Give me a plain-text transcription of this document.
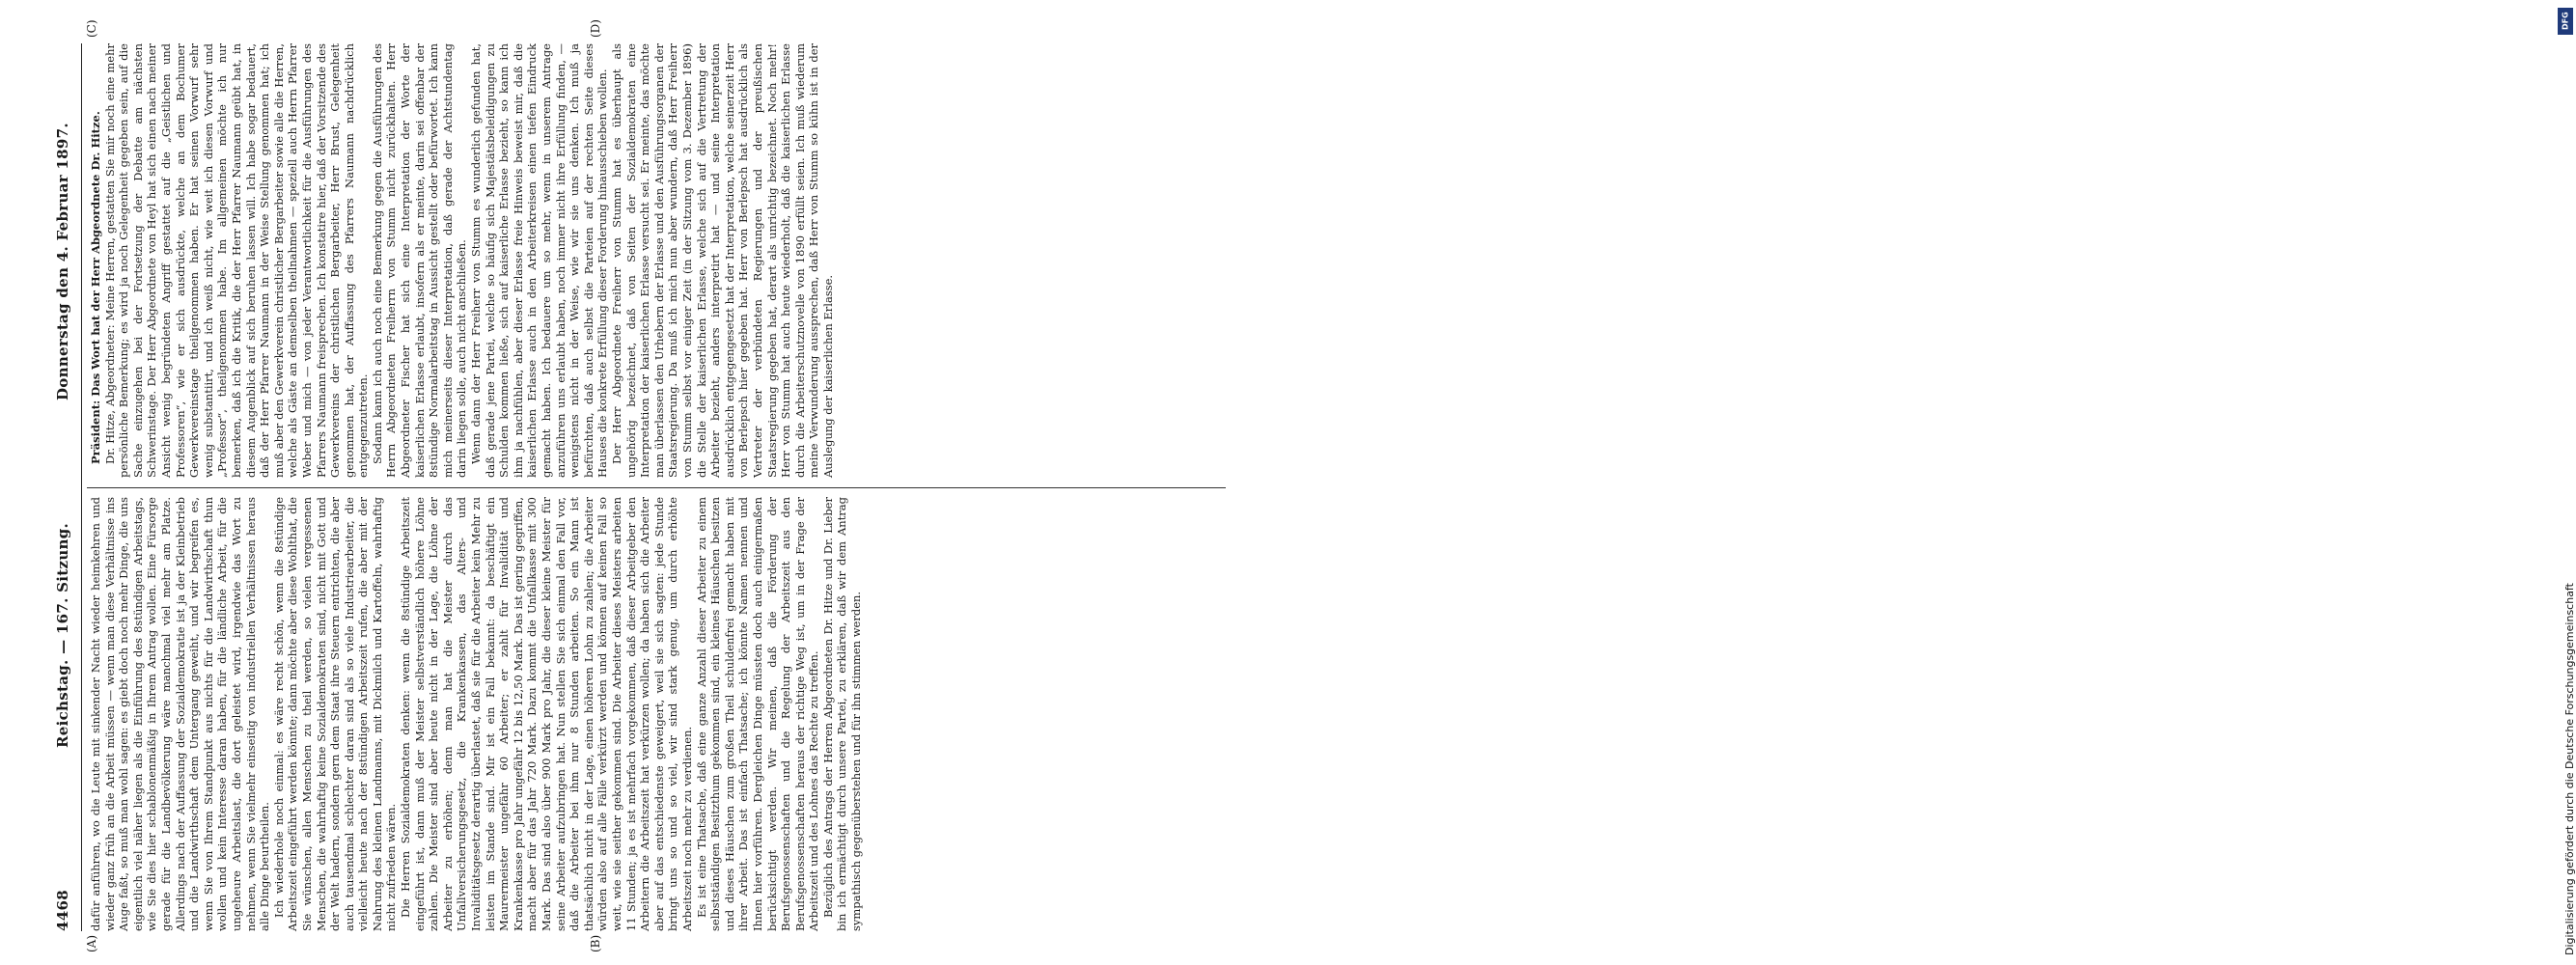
4468
Reichstag. — 167. Sitzung.
Donnerstag den 4. Februar 1897.
(A)	(B)
(C)	(D)

dafür anführen, wo die Leute mit sinkender Nacht wieder heimkehren und wieder ganz früh an die Arbeit müssen — wenn man diese Verhältnisse ins Auge faßt, so muß man wohl sagen: es giebt doch noch mehr Dinge, die uns eigentlich viel näher liegen als die Einführung des 8stündigen Arbeitstags, wie Sie dies hier schablonenmäßig in Ihrem Antrag wollen. Eine Fürsorge gerade für die Landbevölkerung wäre manchmal viel mehr am Platze. Allerdings nach der Auffassung der Sozialdemokratie ist ja der Kleinbetrieb und die Landwirthschaft dem Untergang geweiht, und wir begreifen es, wenn Sie von Ihrem Standpunkt aus nichts für die Landwirthschaft thun wollen und kein Interesse daran haben, für die ländliche Arbeit, für die ungeheure Arbeitslast, die dort geleistet wird, irgendwie das Wort zu nehmen, wenn Sie vielmehr einseitig von industriellen Verhältnissen heraus alle Dinge beurtheilen. Ich wiederhole noch einmal: es wäre recht schön, wenn die 8stündige Arbeitszeit eingeführt werden könnte; dann möchte aber diese Wohlthat, die Sie wünschen, allen Menschen zu theil werden, so vielen vergessenen Menschen, die wahrhaftig keine Sozialdemokraten sind, nicht mit Gott und der Welt hadern, sondern gern dem Staat ihre Steuern entrichten, die aber auch tausendmal schlechter daran sind als so viele Industriearbeiter, die vielleicht heute nach der 8stündigen Arbeitszeit rufen, die aber mit der Nahrung des kleinen Landmanns, mit Dickmilch und Kartoffeln, wahrhaftig nicht zufrieden wären. Die Herren Sozialdemokraten denken: wenn die 8stündige Arbeitszeit eingeführt ist, dann muß der Meister selbstverständlich höhere Löhne zahlen. Die Meister sind aber heute nicht in der Lage, die Löhne der Arbeiter zu erhöhen; denn man hat die Meister durch das Unfallversicherungsgesetz, die Krankenkassen, das Alters- und Invaliditätsgesetz derartig überlastet, daß sie für die Arbeiter kein Mehr zu leisten im Stande sind. Mir ist ein Fall bekannt: da beschäftigt ein Maurermeister ungefähr 60 Arbeiter; er zahlt für Invalidität und Krankenkasse pro Jahr ungefähr 12 bis 12,50 Mark. Das ist gering gegriffen, macht aber für das Jahr 720 Mark. Dazu kommt die Unfallkasse mit 300 Mark. Das sind also über 900 Mark pro Jahr, die dieser kleine Meister für seine Arbeiter aufzubringen hat. Nun stellen Sie sich einmal den Fall vor, daß die Arbeiter bei ihm nur 8 Stunden arbeiten. So ein Mann ist thatsächlich nicht in der Lage, einen höheren Lohn zu zahlen; die Arbeiter würden also auf alle Fälle verkürzt werden und können auf keinen Fall so weit, wie sie seither gekommen sind. Die Arbeiter dieses Meisters arbeiten 11 Stunden; ja es ist mehrfach vorgekommen, daß dieser Arbeitgeber den Arbeitern die Arbeitszeit hat verkürzen wollen; da haben sich die Arbeiter aber auf das entschiedenste geweigert, weil sie sich sagten: jede Stunde bringt uns so und so viel, wir sind stark genug, um durch erhöhte Arbeitszeit noch mehr zu verdienen. Es ist eine Thatsache, daß eine ganze Anzahl dieser Arbeiter zu einem selbstständigen Besitzthum gekommen sind, ein kleines Häuschen besitzen und dieses Häuschen zum großen Theil schuldenfrei gemacht haben mit ihrer Arbeit. Das ist einfach Thatsache; ich könnte Namen nennen und Ihnen hier vorführen. Dergleichen Dinge müssten doch auch einigermaßen berücksichtigt werden. Wir meinen, daß die Förderung der Berufsgenossenschaften und die Regelung der Arbeitszeit aus den Berufsgenossenschaften heraus der richtige Weg ist, um in der Frage der Arbeitszeit und des Lohnes das Rechte zu treffen. Bezüglich des Antrags der Herren Abgeordneten Dr. Hitze und Dr. Lieber bin ich ermächtigt durch unsere Partei, zu erklären, daß wir dem Antrag sympathisch gegenüberstehen und für ihn stimmen werden.

Präsident: Das Wort hat der Herr Abgeordnete Dr. Hitze. Dr. Hitze, Abgeordneter: Meine Herren, gestatten Sie mir noch eine mehr persönliche Bemerkung; es wird ja noch Gelegenheit gegeben sein, auf die Sache einzugehen bei der Fortsetzung der Debatte am nächsten Schwerinstage. Der Herr Abgeordnete von Heyl hat sich einen nach meiner Ansicht wenig begründeten Angriff gestattet auf die „Geistlichen und Professoren“, wie er sich ausdrückte, welche an dem Bochumer Gewerkvereinstage theilgenommen haben. Er hat seinen Vorwurf sehr wenig substantiirt, und ich weiß nicht, wie weit ich diesen Vorwurf und „Professor“, theilgenommen habe. Im allgemeinen möchte ich nur bemerken, daß ich die Kritik, die der Herr Pfarrer Naumann geübt hat, in diesem Augenblick auf sich beruhen lassen will. Ich habe sogar bedauert, daß der Herr Pfarrer Naumann in der Weise Stellung genommen hat; ich muß aber den Gewerkverein christlicher Bergarbeiter sowie alle die Herren, welche als Gäste an demselben theilnahmen — speziell auch Herrn Pfarrer Weber und mich — von jeder Verantwortlichkeit für die Ausführungen des Pfarrers Naumann freisprechen. Ich konstatire hier, daß der Vorsitzende des Gewerkvereins der christlichen Bergarbeiter, Herr Brust, Gelegenheit genommen hat, der Auffassung des Pfarrers Naumann nachdrücklich entgegenzutreten. Sodann kann ich auch noch eine Bemerkung gegen die Ausführungen des Herrn Abgeordneten Freiherrn von Stumm nicht zurückhalten. Herr Abgeordneter Fischer hat sich eine Interpretation der Worte der kaiserlichen Erlasse erlaubt, insofern als er meinte, darin sei offenbar der 8stündige Normalarbeitstag in Aussicht gestellt oder befürwortet. Ich kann mich meinerseits dieser Interpretation, daß gerade der Achtstundentag darin liegen solle, auch nicht anschließen. Wenn dann der Herr Freiherr von Stumm es wunderlich gefunden hat, daß gerade jene Partei, welche so häufig sich Majestätsbeleidigungen zu Schulden kommen ließe, sich auf kaiserliche Erlasse bezieht, so kann ich ihm ja nachfühlen, aber dieser Erlasse freie Hinweis beweist mir, daß die kaiserlichen Erlasse auch in den Arbeiterkreisen einen tiefen Eindruck gemacht haben. Ich bedauere um so mehr, wenn in unserem Antrage anzuführen uns erlaubt haben, noch immer nicht ihre Erfüllung finden, — wenigstens nicht in der Weise, wie wir sie uns denken. Ich muß ja befürchten, daß auch selbst die Parteien auf der rechten Seite dieses Hauses die konkrete Erfüllung dieser Forderung hinausschieben wollen. Der Herr Abgeordnete Freiherr von Stumm hat es überhaupt als ungehörig bezeichnet, daß von Seiten der Sozialdemokraten eine Interpretation der kaiserlichen Erlasse versucht sei. Er meinte, das möchte man überlassen den Urhebern der Erlasse und den Ausführungsorganen der Staatsregierung. Da muß ich mich nun aber wundern, daß Herr Freiherr von Stumm selbst vor einiger Zeit (in der Sitzung vom 3. Dezember 1896) die Stelle der kaiserlichen Erlasse, welche sich auf die Vertretung der Arbeiter bezieht, anders interpretirt hat — und seine Interpretation ausdrücklich entgegengesetzt hat der Interpretation, welche seinerzeit Herr von Berlepsch hier gegeben hat. Herr von Berlepsch hat ausdrücklich als Vertreter der verbündeten Regierungen und der preußischen Staatsregierung gegeben hat, derart als unrichtig bezeichnet. Noch mehr! Herr von Stumm hat auch heute wiederholt, daß die kaiserlichen Erlasse durch die Arbeiterschutznovelle von 1890 erfüllt seien. Ich muß wiederum meine Verwunderung aussprechen, daß Herr von Stumm so kühn ist in der Auslegung der kaiserlichen Erlasse.

DFG
Digitalisierung gefördert durch die Deutsche Forschungsgemeinschaft
